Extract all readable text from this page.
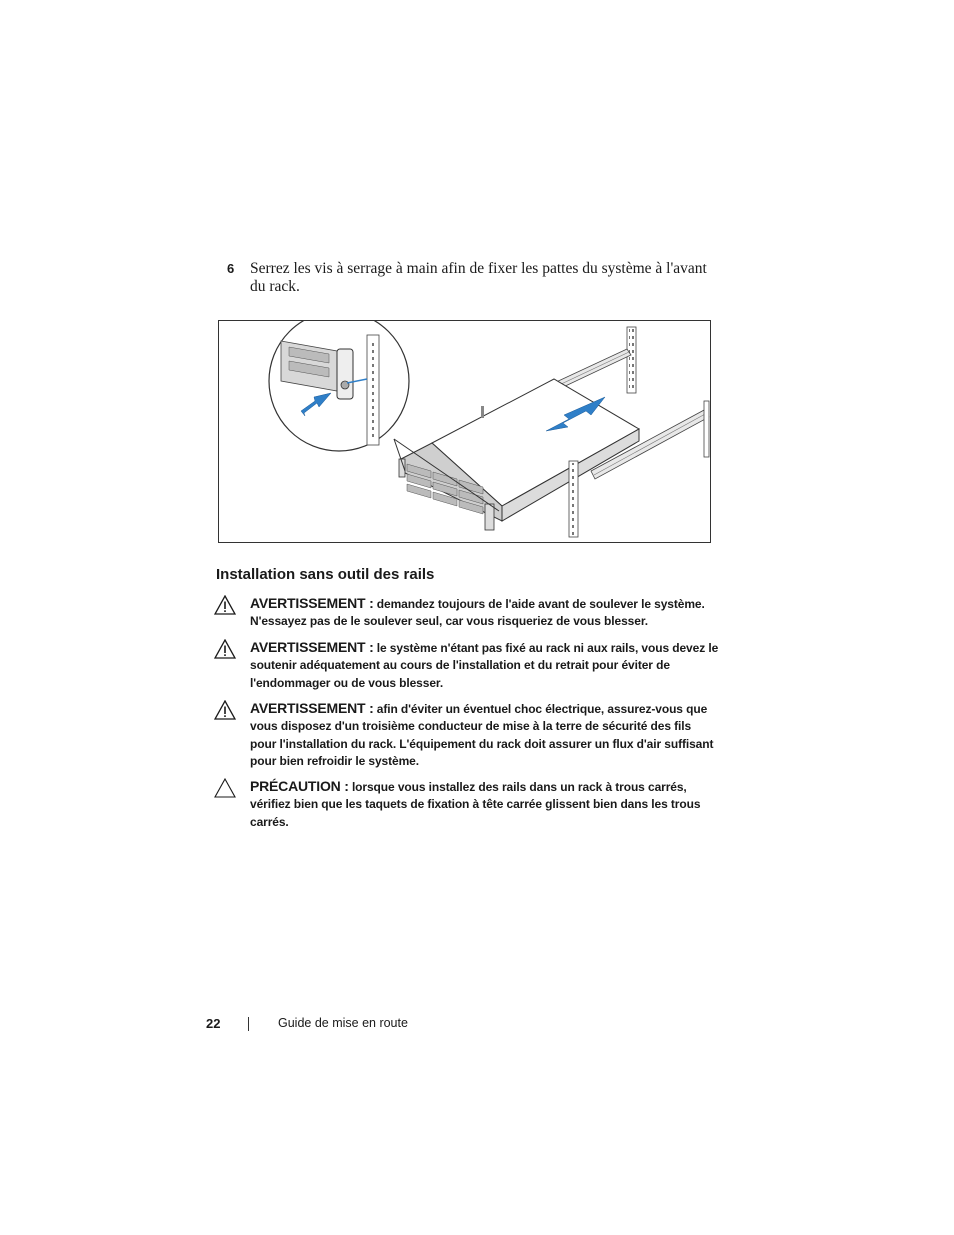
6 Serrez les vis à serrage à main afin de fixer les pattes du système à l'avant du rack.
Installation sans outil des rails
AVERTISSEMENT : demandez toujours de l'aide avant de soulever le système. N'essayez pas de le soulever seul, car vous risqueriez de vous blesser.
AVERTISSEMENT : le système n'étant pas fixé au rack ni aux rails, vous devez le soutenir adéquatement au cours de l'installation et du retrait pour éviter de l'endommager ou de vous blesser.
AVERTISSEMENT : afin d'éviter un éventuel choc électrique, assurez-vous que vous disposez d'un troisième conducteur de mise à la terre de sécurité des fils pour l'installation du rack. L'équipement du rack doit assurer un flux d'air suffisant pour bien refroidir le système.
PRÉCAUTION : lorsque vous installez des rails dans un rack à trous carrés, vérifiez bien que les taquets de fixation à tête carrée glissent bien dans les trous carrés.
22	Guide de mise en route
